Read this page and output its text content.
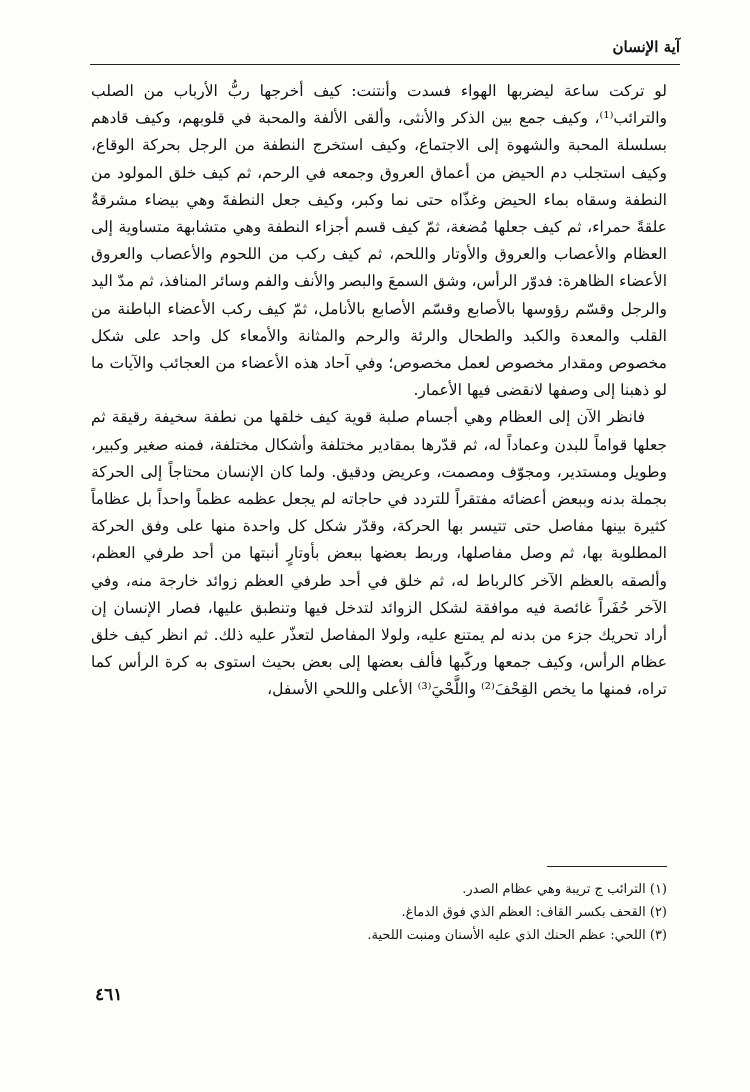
آية الإنسان

لو تركت ساعة ليضربها الهواء فسدت وأنتنت: كيف أخرجها ربُّ الأرباب من الصلب والترائب⁽¹⁾، وكيف جمع بين الذكر والأنثى، وألقى الألفة والمحبة في قلوبهم، وكيف قادهم بسلسلة المحبة والشهوة إلى الاجتماع، وكيف استخرج النطفة من الرجل بحركة الوقاع، وكيف استجلب دم الحيض من أعماق العروق وجمعه في الرحم، ثم كيف خلق المولود من النطفة وسقاه بماء الحيض وغذّاه حتى نما وكبر، وكيف جعل النطفةَ وهي بيضاء مشرقةٌ علقةً حمراء، ثم كيف جعلها مُضغة، ثمّ كيف قسم أجزاء النطفة وهي متشابهة متساوية إلى العظام والأعصاب والعروق والأوتار واللحم، ثم كيف ركب من اللحوم والأعصاب والعروق الأعضاء الظاهرة: فدوّر الرأس، وشق السمعَ والبصر والأنف والفم وسائر المنافذ، ثم مدّ اليد والرجل وقسّم رؤوسها بالأصابع وقسّم الأصابع بالأنامل، ثمّ كيف ركب الأعضاء الباطنة من القلب والمعدة والكبد والطحال والرئة والرحم والمثانة والأمعاء كل واحد على شكل مخصوص ومقدار مخصوص لعمل مخصوص؛ وفي آحاد هذه الأعضاء من العجائب والآيات ما لو ذهبنا إلى وصفها لانقضى فيها الأعمار.

فانظر الآن إلى العظام وهي أجسام صلبة قوية كيف خلقها من نطفة سخيفة رقيقة ثم جعلها قواماً للبدن وعماداً له، ثم قدّرها بمقادير مختلفة وأشكال مختلفة، فمنه صغير وكبير، وطويل ومستدير، ومجوّف ومصمت، وعريض ودقيق. ولما كان الإنسان محتاجاً إلى الحركة بجملة بدنه وببعض أعضائه مفتقراً للتردد في حاجاته لم يجعل عظمه عظماً واحداً بل عظاماً كثيرة بينها مفاصل حتى تتيسر بها الحركة، وقدّر شكل كل واحدة منها على وفق الحركة المطلوبة بها، ثم وصل مفاصلها، وربط بعضها ببعض بأوتارٍ أنبتها من أحد طرفي العظم، وألصقه بالعظم الآخر كالرباط له، ثم خلق في أحد طرفي العظم زوائد خارجة منه، وفي الآخر حُفَراً غائصة فيه موافقة لشكل الزوائد لتدخل فيها وتنطبق عليها، فصار الإنسان إن أراد تحريك جزء من بدنه لم يمتنع عليه، ولولا المفاصل لتعذّر عليه ذلك. ثم انظر كيف خلق عظام الرأس، وكيف جمعها وركّبها فألف بعضها إلى بعض بحيث استوى به كرة الرأس كما تراه، فمنها ما يخص القِحْفَ⁽²⁾ واللَّحْيَ⁽³⁾ الأعلى واللحي الأسفل،

(١) الترائب ج تريبة وهي عظام الصدر.
(٢) القحف بكسر القاف: العظم الذي فوق الدماغ.
(٣) اللحي: عظم الحنك الذي عليه الأسنان ومنبت اللحية.
٤٦١
